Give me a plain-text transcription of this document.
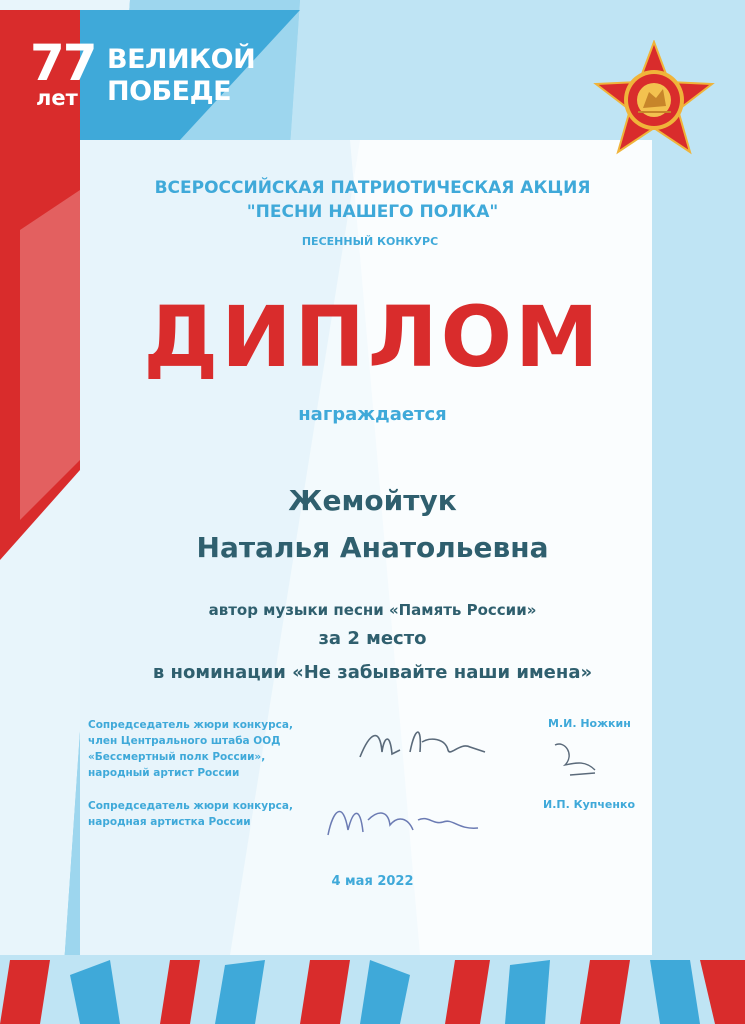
77
лет
ВЕЛИКОЙ
ПОБЕДЕ
ВСЕРОССИЙСКАЯ ПАТРИОТИЧЕСКАЯ АКЦИЯ
"ПЕСНИ НАШЕГО ПОЛКА"
ПЕСЕННЫЙ КОНКУРС
ДИПЛОМ
награждается
Жемойтук
Наталья Анатольевна
автор музыки песни «Память России»
за 2 место
в номинации «Не забывайте наши имена»
Сопредседатель жюри конкурса,
член Центрального штаба ООД
«Бессмертный полк России»,
народный артист России
М.И. Ножкин
Сопредседатель жюри конкурса,
народная артистка России
И.П. Купченко
4 мая 2022
